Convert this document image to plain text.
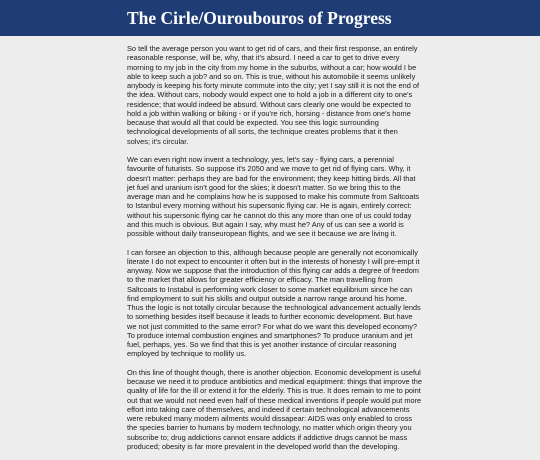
The Cirle/Ouroubouros of Progress

So tell the average person you want to get rid of cars, and their first response, an entirely
reasonable response, will be, why, that it's absurd. I need a car to get to drive every
morning to my job in the city from my home in the suburbs, without a car; how would I be
able to keep such a job? and so on. This is true, without his automobile it seems unlikely
anybody is keeping his forty minute commute into the city; yet I say still it is not the end of
the idea. Without cars, nobody would expect one to hold a job in a different city to one's
residence; that would indeed be absurd. Without cars clearly one would be expected to
hold a job within walking or biking - or if you're rich, horsing - distance from one's home
because that would all that could be expected. You see this logic surrounding
technological developments of all sorts, the technique creates problems that it then
solves; it's circular.

We can even right now invent a technology, yes, let's say - flying cars, a perennial
favourite of futurists. So suppose it's 2050 and we move to get rid of flying cars. Why, it
doesn't matter: perhaps they are bad for the environment; they keep hitting birds. All that
jet fuel and uranium isn't good for the skies; it doesn't matter. So we bring this to the
average man and he complains how he is supposed to make his commute from Saltcoats
to Istanbul every morning without his supersonic flying car. He is again, entirely correct:
without his supersonic flying car he cannot do this any more than one of us could today
and this much is obvious. But again I say, why must he? Any of us can see a world is
possible without daily transeuropean flights, and we see it because we are living it.

I can forsee an objection to this, although because people are generally not economically
literate I do not expect to encounter it often but in the interests of honesty I will pre-empt it
anyway. Now we suppose that the introduction of this flying car adds a degree of freedom
to the market that allows for greater efficiency or efficacy. The man travelling from
Saltcoats to Instabul is performing work closer to some market equilibrium since he can
find employment to suit his skills and output outside a narrow range around his home.
Thus the logic is not totally circular because the technological advancement actually lends
to something besides itself because it leads to further economic development. But have
we not just committed to the same error? For what do we want this developed economy?
To produce internal combustion engines and smartphones? To produce uranium and jet
fuel, perhaps, yes. So we find that this is yet another instance of circular reasoning
employed by technique to mollify us.

On this line of thought though, there is another objection. Economic development is useful
because we need it to produce antibiotics and medical equiptment: things that improve the
quality of life for the ill or extend it for the elderly. This is true. It does remain to me to point
out that we would not need even half of these medical inventions if people would put more
effort into taking care of themselves, and indeed if certain technological advancements
were rebuked many modern ailments would dissapear: AIDS was only enabled to cross
the species barrier to humans by modern technology, no matter which origin theory you
subscribe to; drug addictions cannot ensare addicts if addictive drugs cannot be mass
produced; obesity is far more prevalent in the developed world than the developing.
